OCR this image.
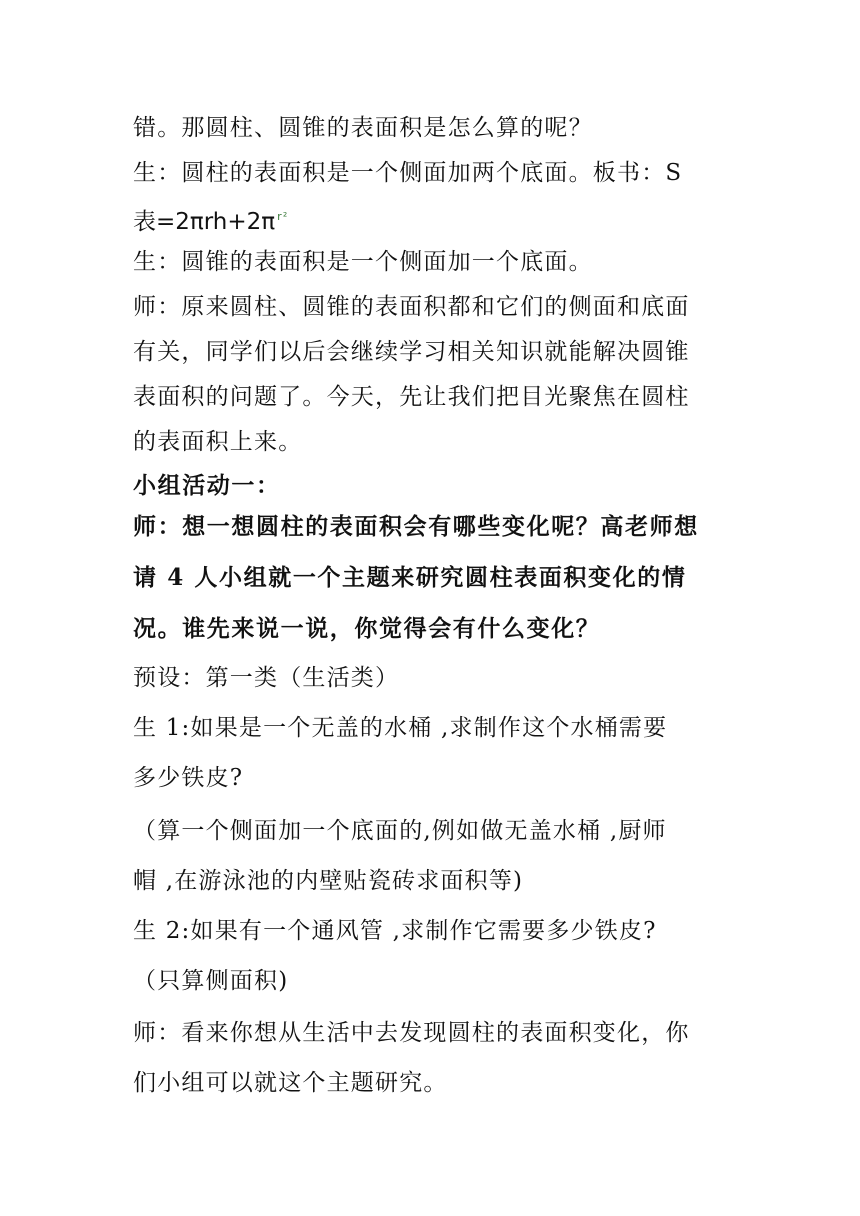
错。那圆柱、圆锥的表面积是怎么算的呢？
生：圆柱的表面积是一个侧面加两个底面。板书：S
表=2πrh+2π $^{r^2}$
生：圆锥的表面积是一个侧面加一个底面。
师：原来圆柱、圆锥的表面积都和它们的侧面和底面
有关，同学们以后会继续学习相关知识就能解决圆锥
表面积的问题了。今天，先让我们把目光聚焦在圆柱
的表面积上来。
小组活动一：
师：想一想圆柱的表面积会有哪些变化呢？高老师想
请 4 人小组就一个主题来研究圆柱表面积变化的情
况。谁先来说一说，你觉得会有什么变化？
预设：第一类（生活类）
生 1:如果是一个无盖的水桶 ,求制作这个水桶需要
多少铁皮?
（算一个侧面加一个底面的,例如做无盖水桶 ,厨师
帽 ,在游泳池的内壁贴瓷砖求面积等)
生 2:如果有一个通风管 ,求制作它需要多少铁皮?
（只算侧面积)
师：看来你想从生活中去发现圆柱的表面积变化，你
们小组可以就这个主题研究。
